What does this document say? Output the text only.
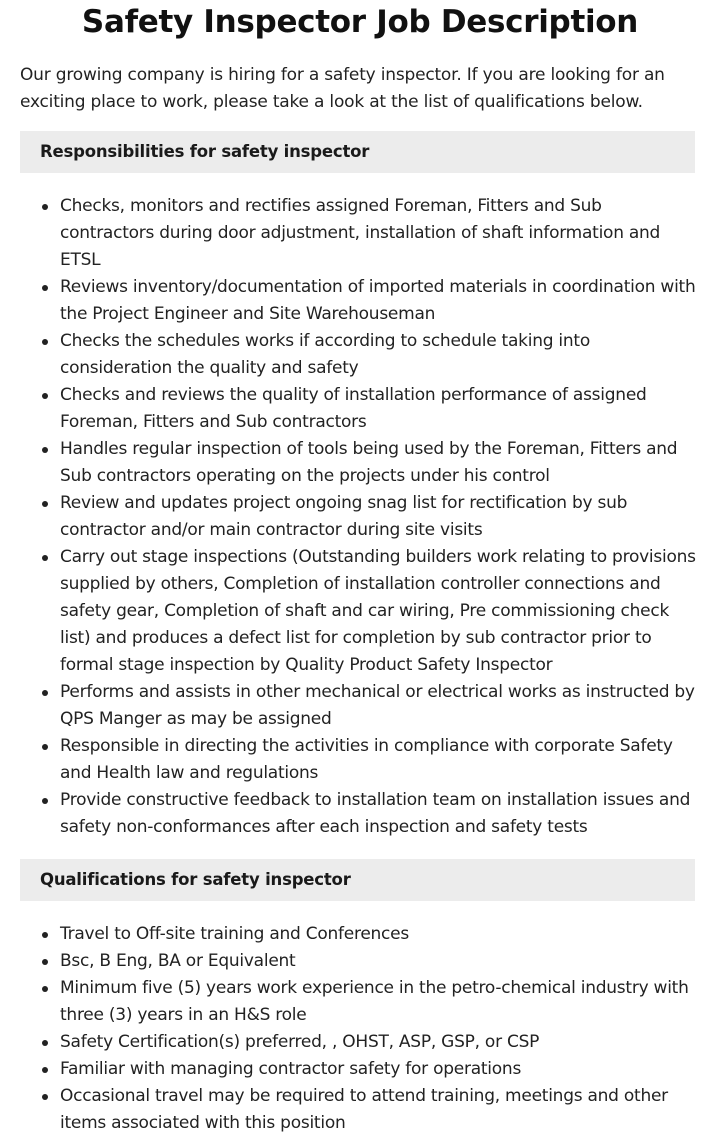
Safety Inspector Job Description

Our growing company is hiring for a safety inspector. If you are looking for an exciting place to work, please take a look at the list of qualifications below.

Responsibilities for safety inspector
Checks, monitors and rectifies assigned Foreman, Fitters and Sub contractors during door adjustment, installation of shaft information and ETSL
Reviews inventory/documentation of imported materials in coordination with the Project Engineer and Site Warehouseman
Checks the schedules works if according to schedule taking into consideration the quality and safety
Checks and reviews the quality of installation performance of assigned Foreman, Fitters and Sub contractors
Handles regular inspection of tools being used by the Foreman, Fitters and Sub contractors operating on the projects under his control
Review and updates project ongoing snag list for rectification by sub contractor and/or main contractor during site visits
Carry out stage inspections (Outstanding builders work relating to provisions supplied by others, Completion of installation controller connections and safety gear, Completion of shaft and car wiring, Pre commissioning check list) and produces a defect list for completion by sub contractor prior to formal stage inspection by Quality Product Safety Inspector
Performs and assists in other mechanical or electrical works as instructed by QPS Manger as may be assigned
Responsible in directing the activities in compliance with corporate Safety and Health law and regulations
Provide constructive feedback to installation team on installation issues and safety non-conformances after each inspection and safety tests
Qualifications for safety inspector
Travel to Off-site training and Conferences
Bsc, B Eng, BA or Equivalent
Minimum five (5) years work experience in the petro-chemical industry with three (3) years in an H&S role
Safety Certification(s) preferred, , OHST, ASP, GSP, or CSP
Familiar with managing contractor safety for operations
Occasional travel may be required to attend training, meetings and other items associated with this position
